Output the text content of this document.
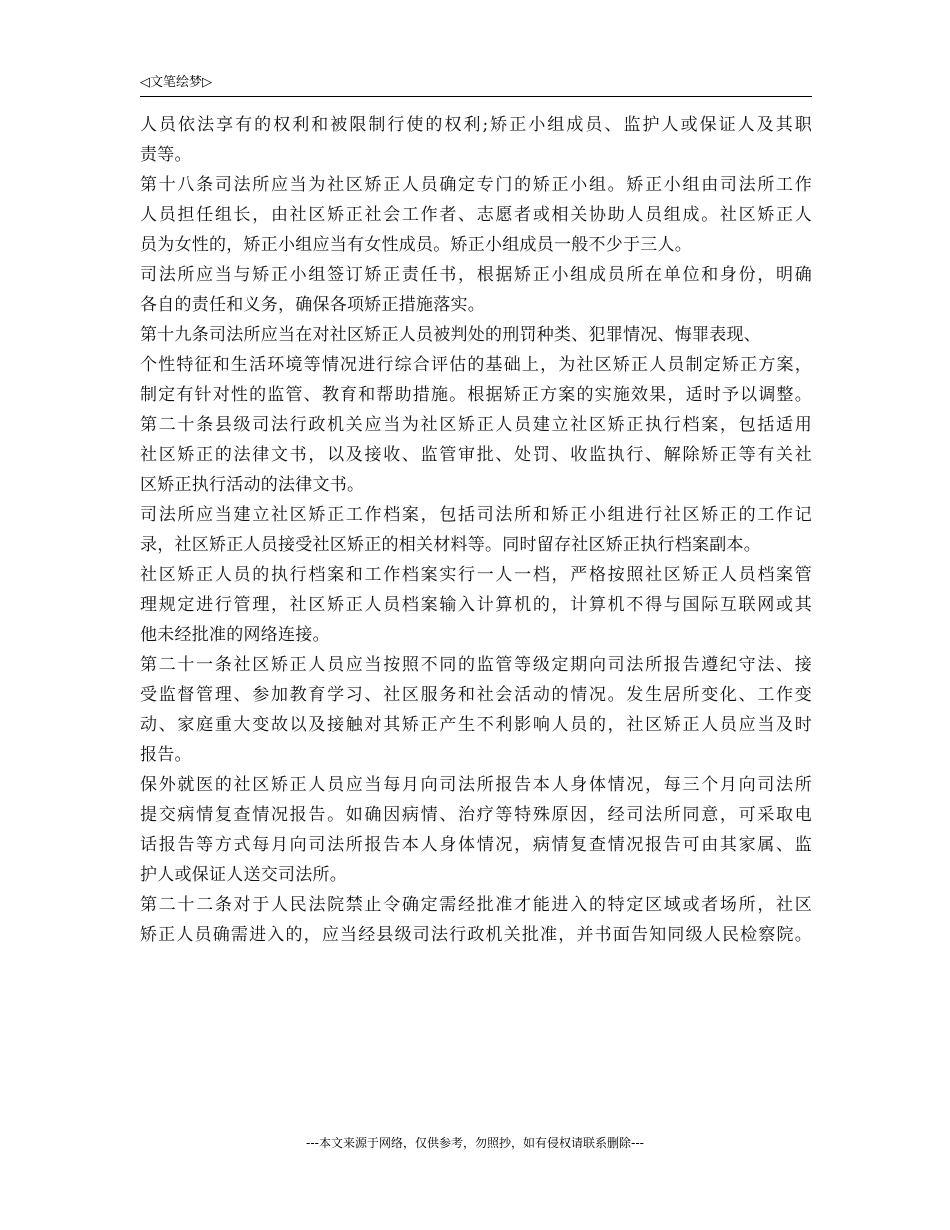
◁文笔绘梦▷
人员依法享有的权利和被限制行使的权利;矫正小组成员、监护人或保证人及其职
责等。
第十八条司法所应当为社区矫正人员确定专门的矫正小组。矫正小组由司法所工作
人员担任组长，由社区矫正社会工作者、志愿者或相关协助人员组成。社区矫正人
员为女性的，矫正小组应当有女性成员。矫正小组成员一般不少于三人。
司法所应当与矫正小组签订矫正责任书，根据矫正小组成员所在单位和身份，明确
各自的责任和义务，确保各项矫正措施落实。
第十九条司法所应当在对社区矫正人员被判处的刑罚种类、犯罪情况、悔罪表现、
个性特征和生活环境等情况进行综合评估的基础上，为社区矫正人员制定矫正方案，
制定有针对性的监管、教育和帮助措施。根据矫正方案的实施效果，适时予以调整。
第二十条县级司法行政机关应当为社区矫正人员建立社区矫正执行档案，包括适用
社区矫正的法律文书，以及接收、监管审批、处罚、收监执行、解除矫正等有关社
区矫正执行活动的法律文书。
司法所应当建立社区矫正工作档案，包括司法所和矫正小组进行社区矫正的工作记
录，社区矫正人员接受社区矫正的相关材料等。同时留存社区矫正执行档案副本。
社区矫正人员的执行档案和工作档案实行一人一档，严格按照社区矫正人员档案管
理规定进行管理，社区矫正人员档案输入计算机的，计算机不得与国际互联网或其
他未经批准的网络连接。
第二十一条社区矫正人员应当按照不同的监管等级定期向司法所报告遵纪守法、接
受监督管理、参加教育学习、社区服务和社会活动的情况。发生居所变化、工作变
动、家庭重大变故以及接触对其矫正产生不利影响人员的，社区矫正人员应当及时
报告。
保外就医的社区矫正人员应当每月向司法所报告本人身体情况，每三个月向司法所
提交病情复查情况报告。如确因病情、治疗等特殊原因，经司法所同意，可采取电
话报告等方式每月向司法所报告本人身体情况，病情复查情况报告可由其家属、监
护人或保证人送交司法所。
第二十二条对于人民法院禁止令确定需经批准才能进入的特定区域或者场所，社区
矫正人员确需进入的，应当经县级司法行政机关批准，并书面告知同级人民检察院。
---本文来源于网络，仅供参考，勿照抄，如有侵权请联系删除---
